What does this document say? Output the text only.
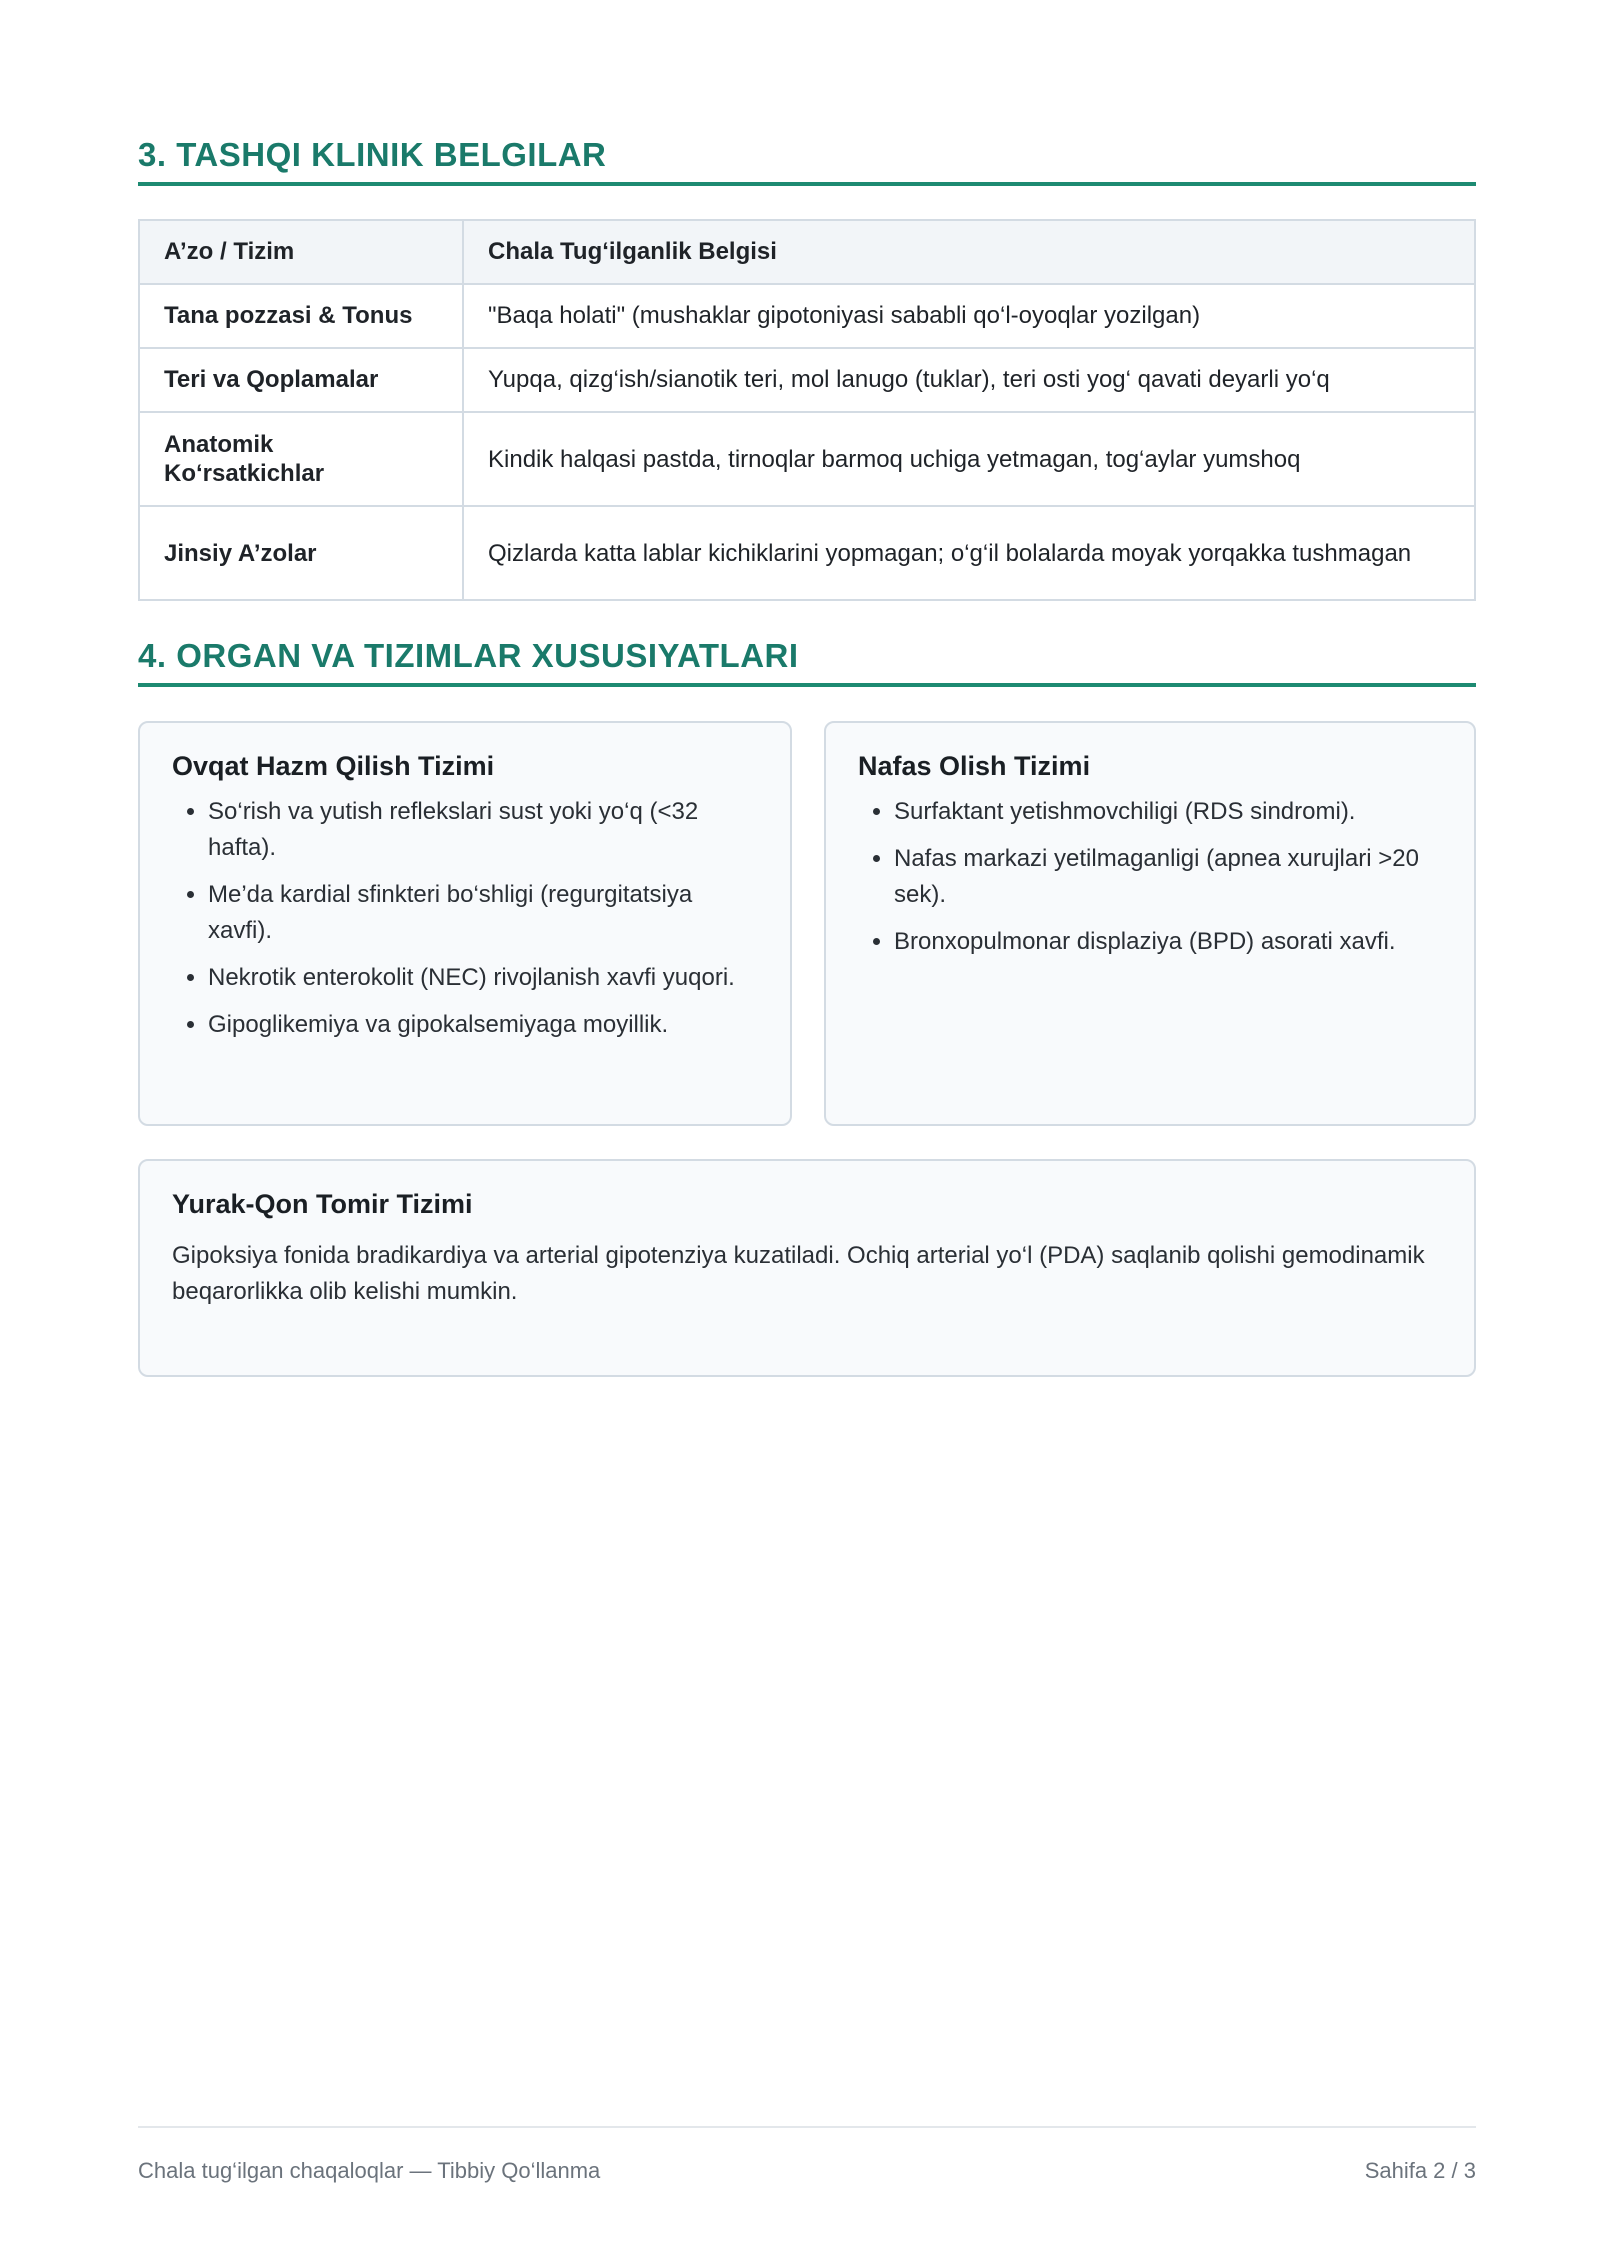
3. TASHQI KLINIK BELGILAR
A’zo / Tizim	Chala Tug‘ilganlik Belgisi
Tana pozzasi & Tonus	"Baqa holati" (mushaklar gipotoniyasi sababli qo‘l-oyoqlar yozilgan)
Teri va Qoplamalar	Yupqa, qizg‘ish/sianotik teri, mol lanugo (tuklar), teri osti yog‘ qavati deyarli yo‘q
Anatomik Ko‘rsatkichlar	Kindik halqasi pastda, tirnoqlar barmoq uchiga yetmagan, tog‘aylar yumshoq
Jinsiy A’zolar	Qizlarda katta lablar kichiklarini yopmagan; o‘g‘il bolalarda moyak yorqakka tushmagan
4. ORGAN VA TIZIMLAR XUSUSIYATLARI
Ovqat Hazm Qilish Tizimi
• So‘rish va yutish reflekslari sust yoki yo‘q (<32 hafta).
• Me’da kardial sfinkteri bo‘shligi (regurgitatsiya xavfi).
• Nekrotik enterokolit (NEC) rivojlanish xavfi yuqori.
• Gipoglikemiya va gipokalsemiyaga moyillik.
Nafas Olish Tizimi
• Surfaktant yetishmovchiligi (RDS sindromi).
• Nafas markazi yetilmaganligi (apnea xurujlari >20 sek).
• Bronxopulmonar displaziya (BPD) asorati xavfi.
Yurak-Qon Tomir Tizimi

Gipoksiya fonida bradikardiya va arterial gipotenziya kuzatiladi. Ochiq arterial yo‘l (PDA) saqlanib qolishi gemodinamik beqarorlikka olib kelishi mumkin.

Chala tug‘ilgan chaqaloqlar — Tibbiy Qo‘llanma	Sahifa 2 / 3
